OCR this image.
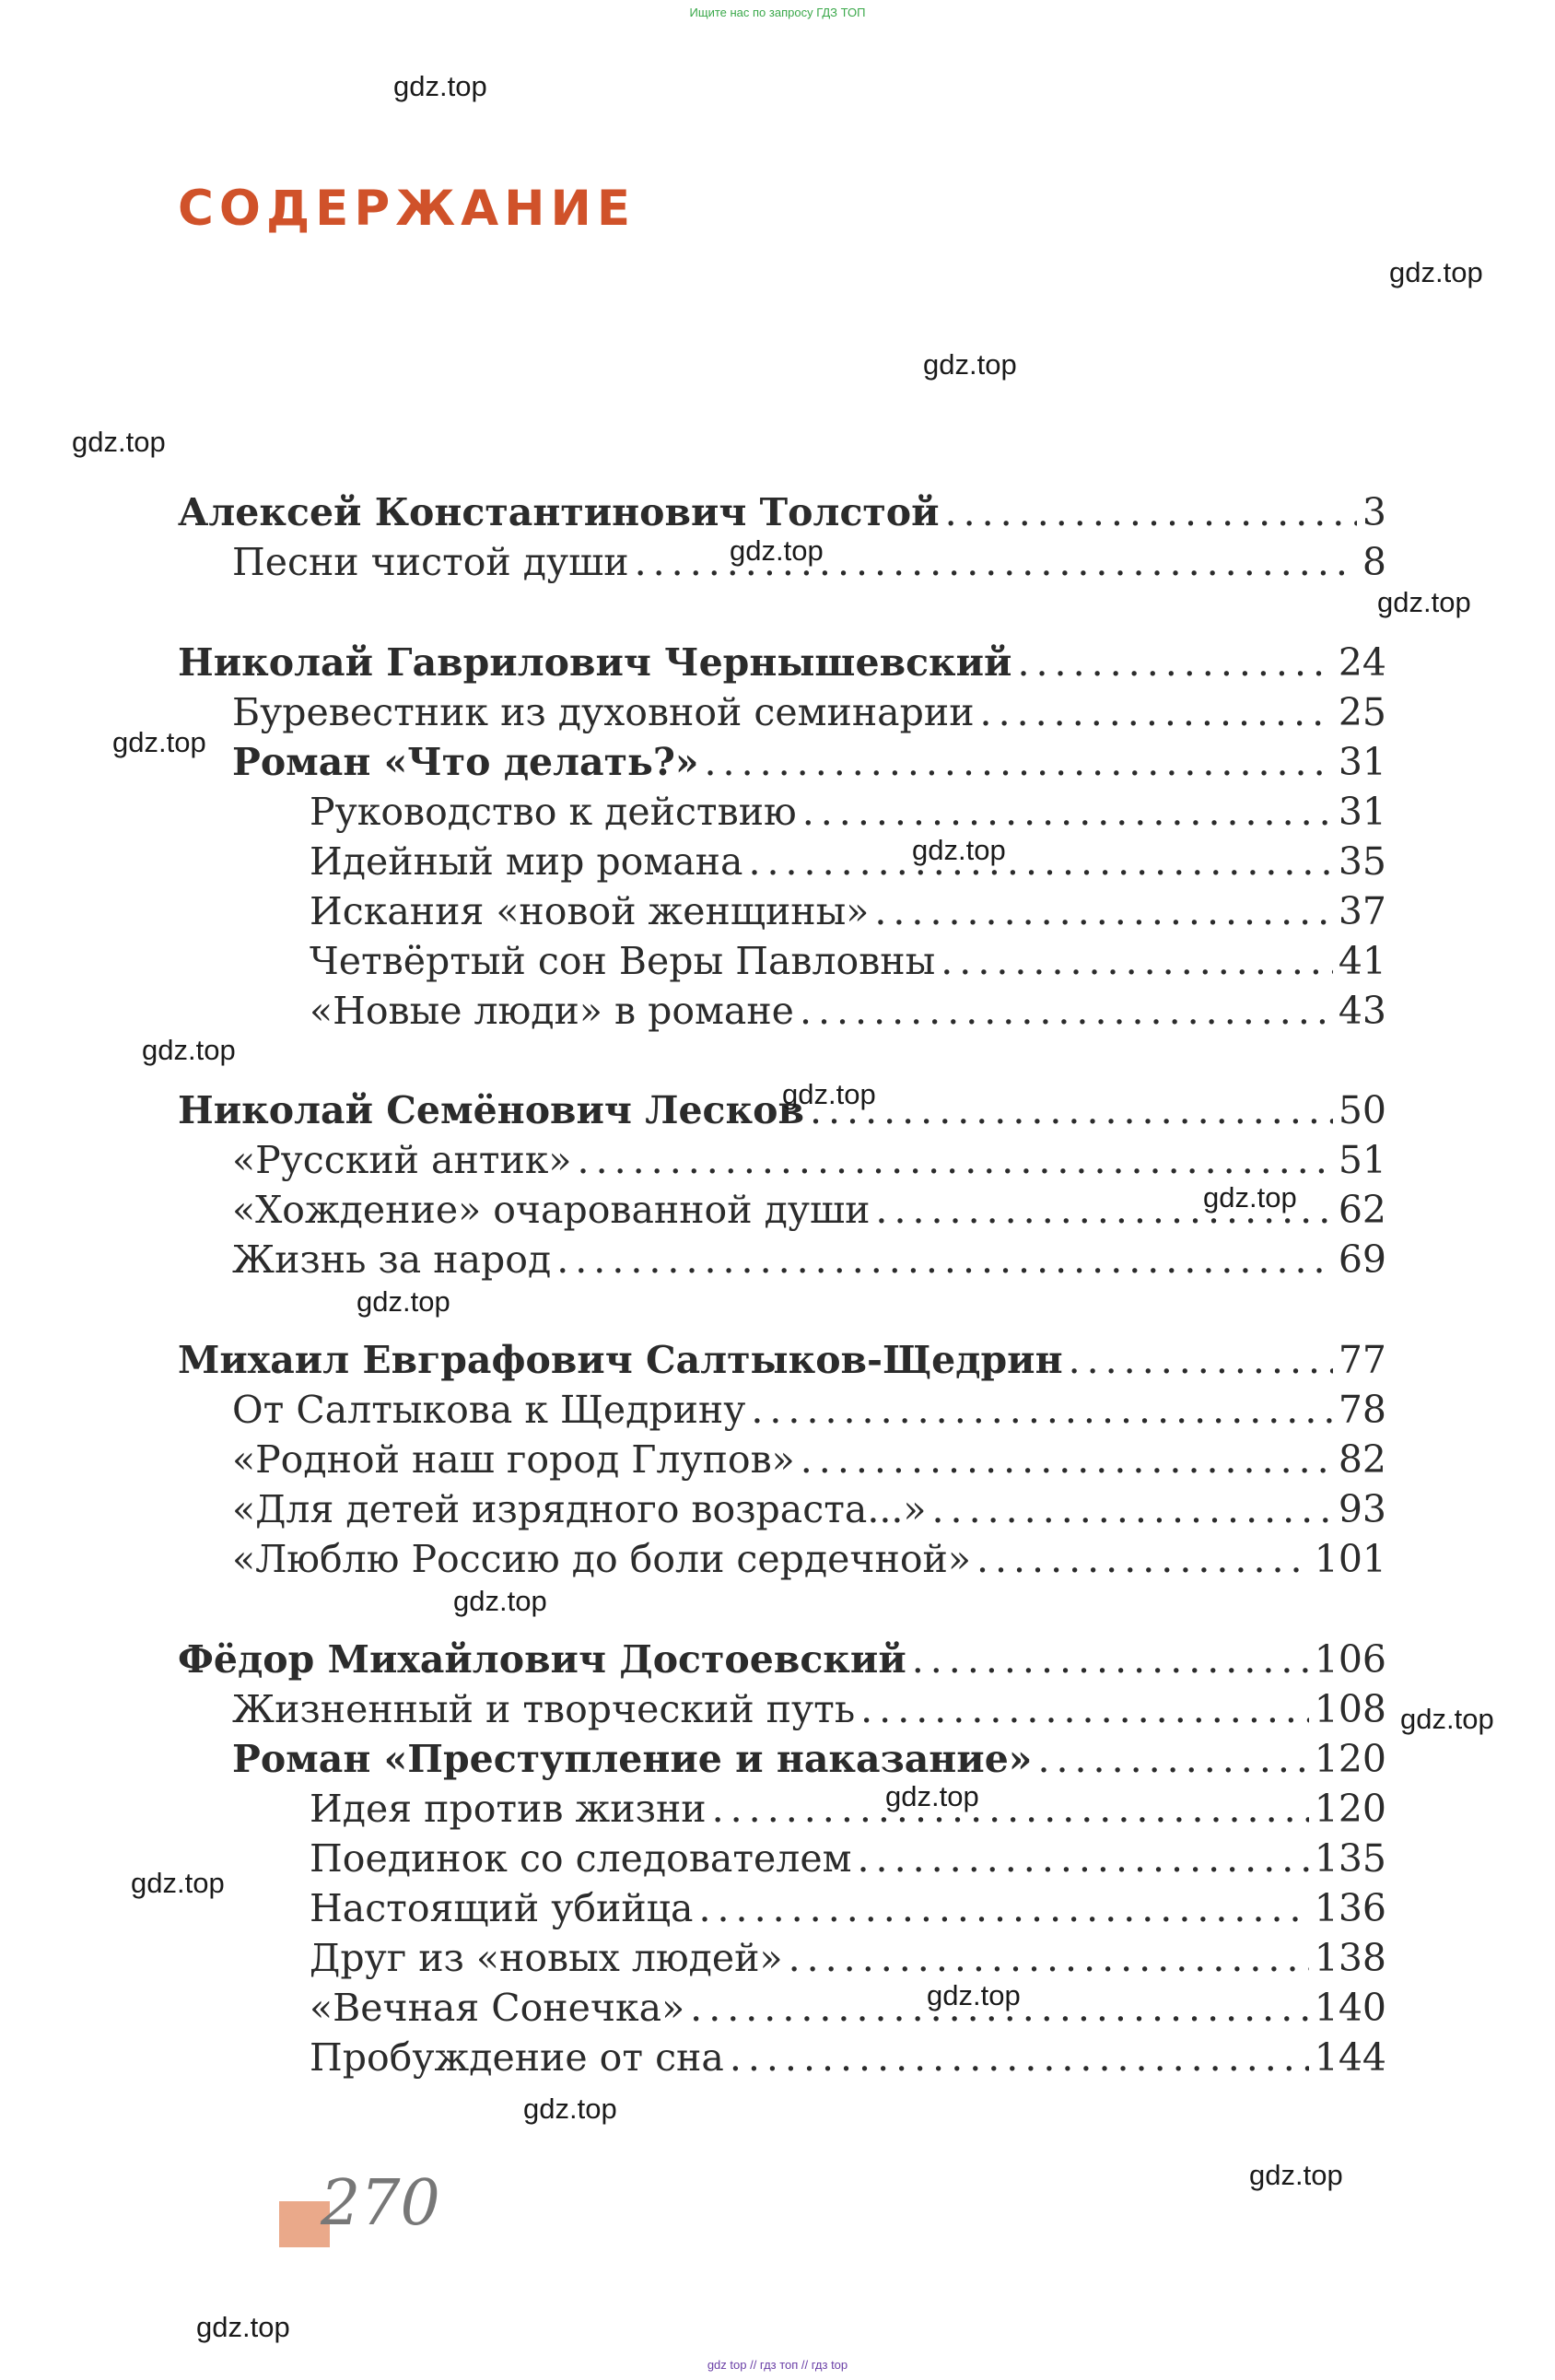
Ищите нас по запросу ГДЗ ТОП
СОДЕРЖАНИЕ
Алексей Константинович Толстой .....	3
Песни чистой души .....	8
Николай Гаврилович Чернышевский .....	24
Буревестник из духовной семинарии .....	25
Роман «Что делать?» .....	31
Руководство к действию .....	31
Идейный мир романа .....	35
Искания «новой женщины» .....	37
Четвёртый сон Веры Павловны .....	41
«Новые люди» в романе .....	43
Николай Семёнович Лесков .....	50
«Русский антик» .....	51
«Хождение» очарованной души .....	62
Жизнь за народ .....	69
Михаил Евграфович Салтыков-Щедрин .....	77
От Салтыкова к Щедрину .....	78
«Родной наш город Глупов» .....	82
«Для детей изрядного возраста...» .....	93
«Люблю Россию до боли сердечной» .....	101
Фёдор Михайлович Достоевский .....	106
Жизненный и творческий путь .....	108
Роман «Преступление и наказание» .....	120
Идея против жизни .....	120
Поединок со следователем .....	135
Настоящий убийца .....	136
Друг из «новых людей» .....	138
«Вечная Сонечка» .....	140
Пробуждение от сна .....	144
gdz.top
gdz.top
gdz.top
gdz.top
gdz.top
gdz.top
gdz.top
gdz.top
gdz.top
gdz.top
gdz.top
gdz.top
gdz.top
gdz.top
gdz.top
gdz.top
gdz.top
gdz.top
gdz.top
gdz.top
270
gdz top // гдз топ // гдз top
